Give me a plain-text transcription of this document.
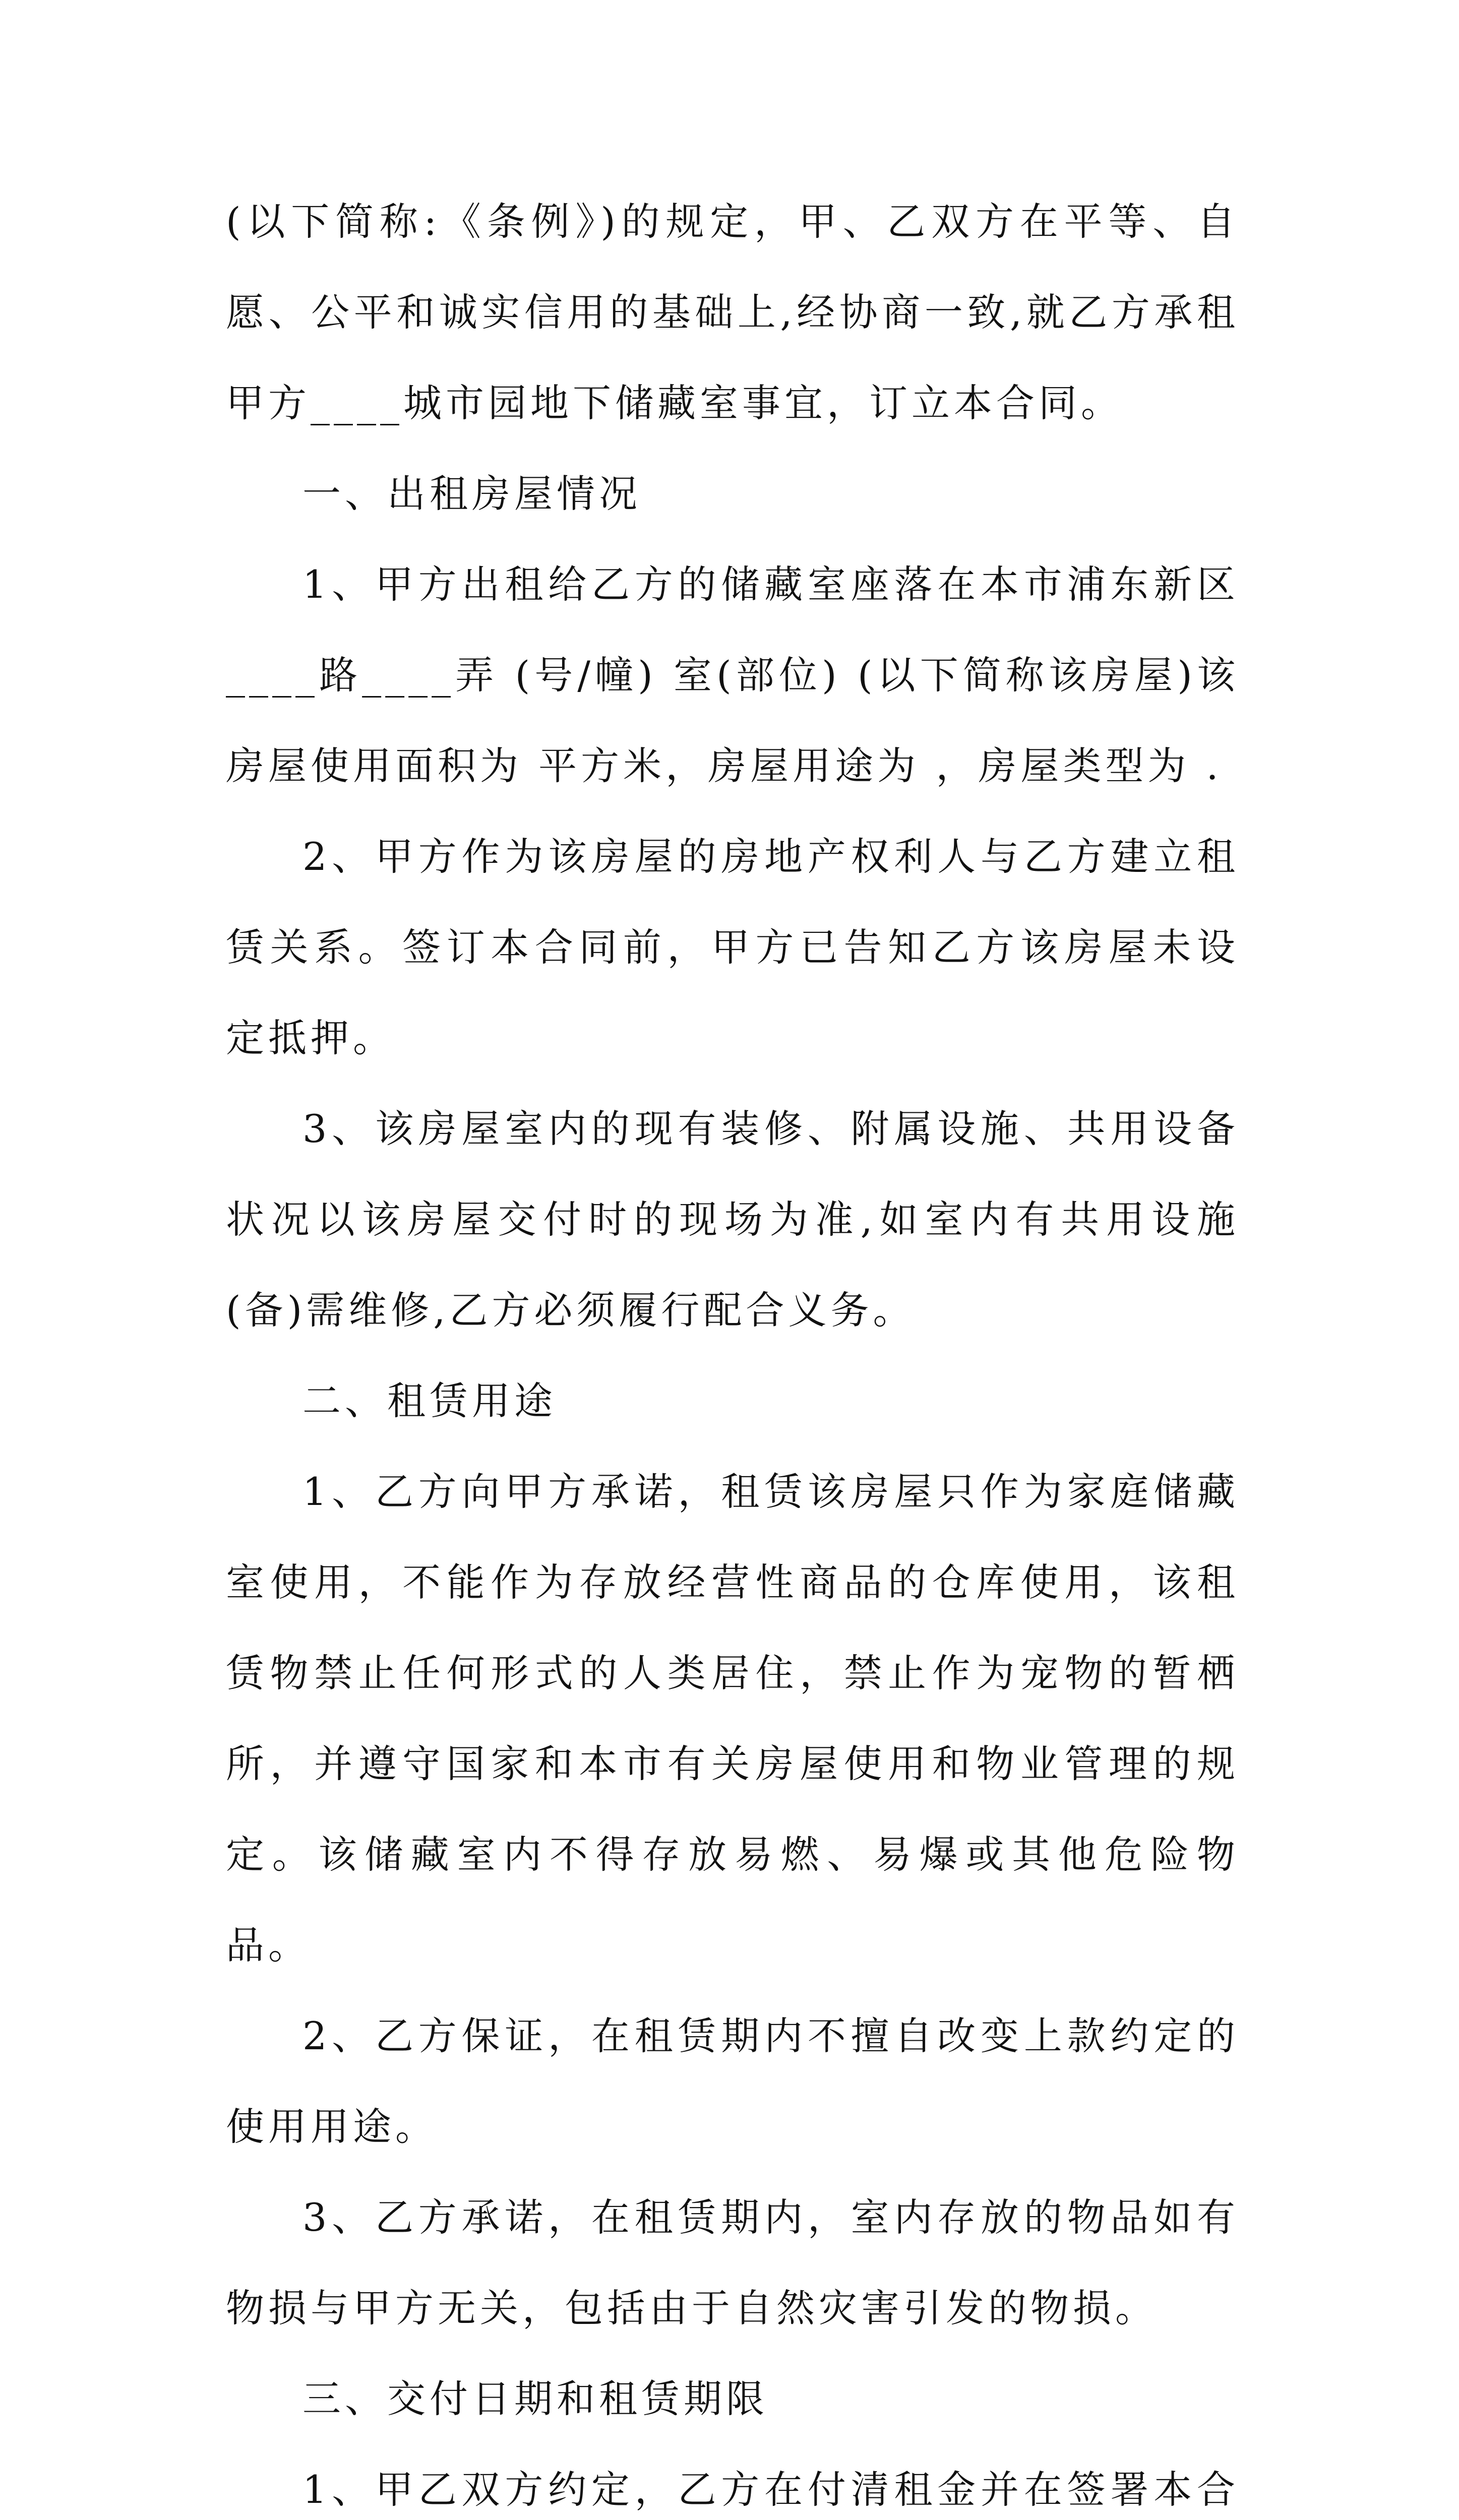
(以下简称:《条例》)的规定，甲、乙双方在平等、自愿、公平和诚实信用的基础上,经协商一致,就乙方承租甲方____城市园地下储藏室事宜，订立本合同。

一、出租房屋情况

1、甲方出租给乙方的储藏室座落在本市浦东新区____路____弄 (号/幢) 室(部位) (以下简称该房屋)该房屋使用面积为 平方米，房屋用途为 ，房屋类型为 .

2、甲方作为该房屋的房地产权利人与乙方建立租赁关系。签订本合同前，甲方已告知乙方该房屋未设定抵押。

3、该房屋室内的现有装修、附属设施、共用设备状况以该房屋交付时的现场为准,如室内有共用设施(备)需维修,乙方必须履行配合义务。

二、租赁用途

1、乙方向甲方承诺，租赁该房屋只作为家庭储藏室使用，不能作为存放经营性商品的仓库使用，该租赁物禁止任何形式的人类居住，禁止作为宠物的暂栖所，并遵守国家和本市有关房屋使用和物业管理的规定。该储藏室内不得存放易燃、易爆或其他危险物品。

2、乙方保证，在租赁期内不擅自改变上款约定的使用用途。

3、乙方承诺，在租赁期内，室内存放的物品如有物损与甲方无关，包括由于自然灾害引发的物损。

三、交付日期和租赁期限

1、甲乙双方约定，乙方在付清租金并在签署本合
